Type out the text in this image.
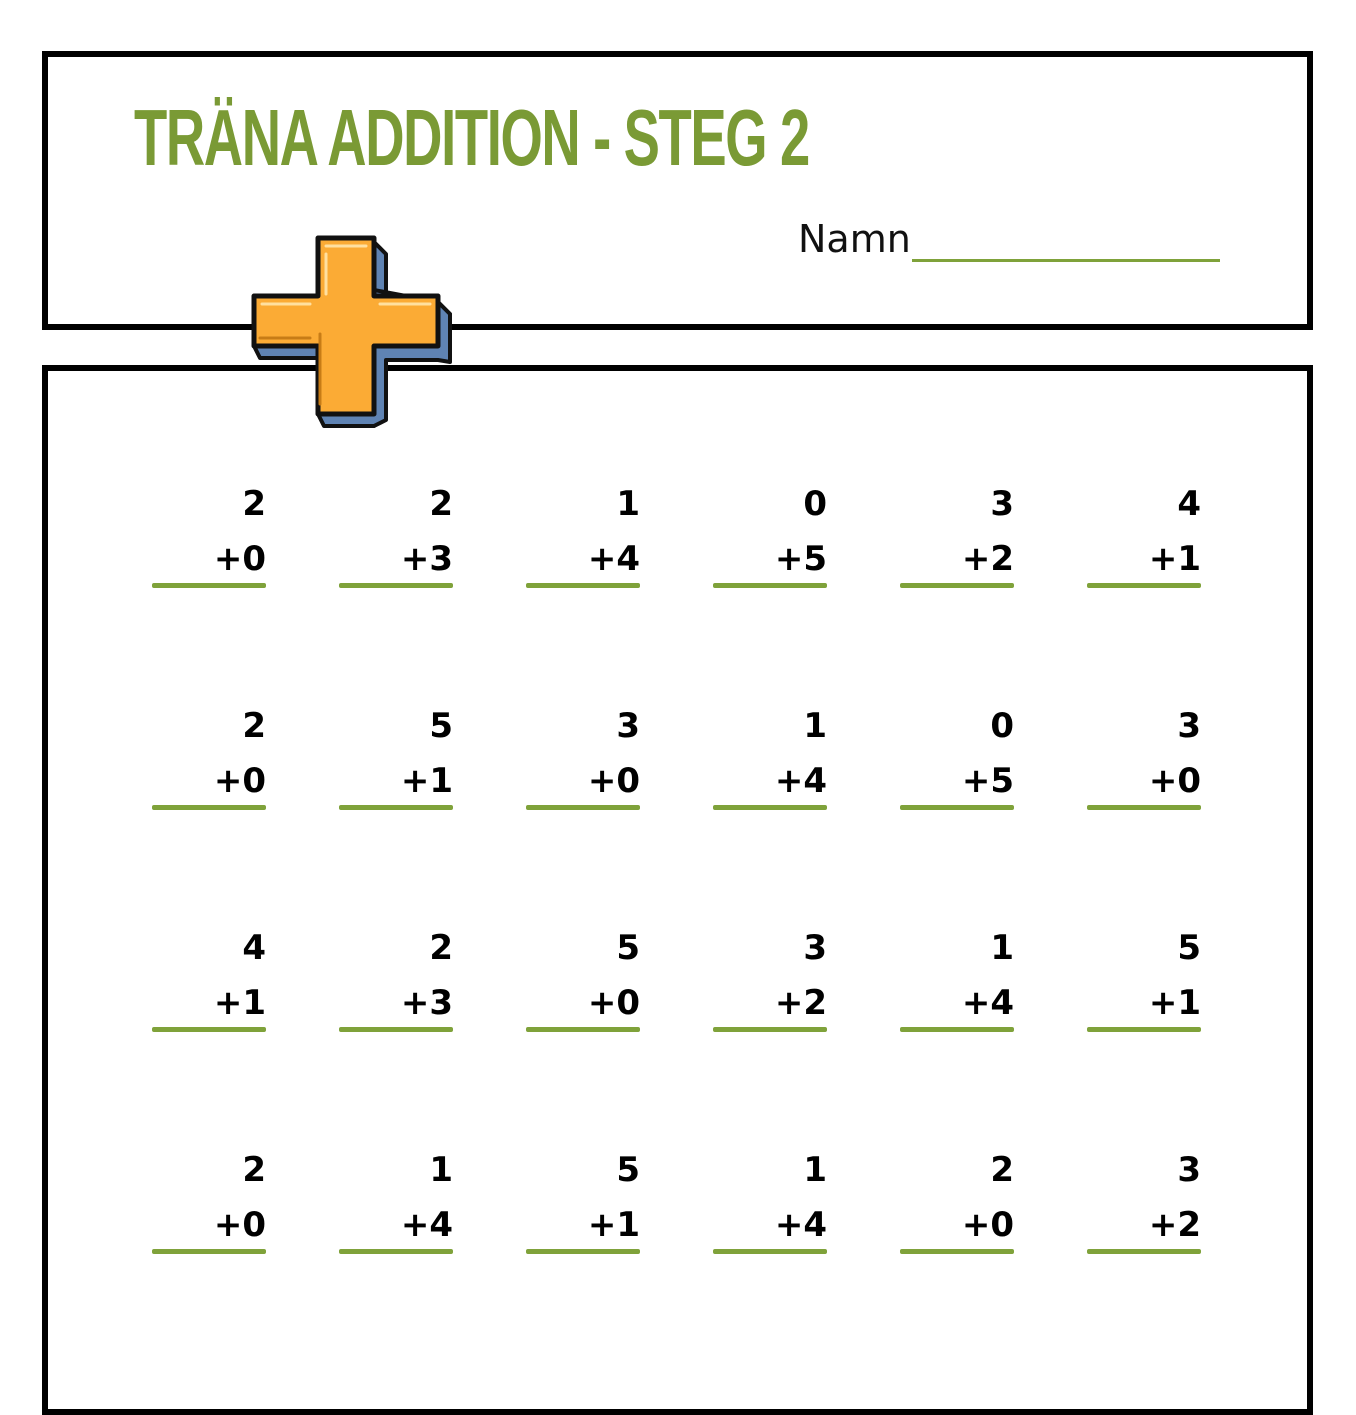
TRÄNA ADDITION - STEG 2
Namn
2
+0
2
+3
1
+4
0
+5
3
+2
4
+1
2
+0
5
+1
3
+0
1
+4
0
+5
3
+0
4
+1
2
+3
5
+0
3
+2
1
+4
5
+1
2
+0
1
+4
5
+1
1
+4
2
+0
3
+2
